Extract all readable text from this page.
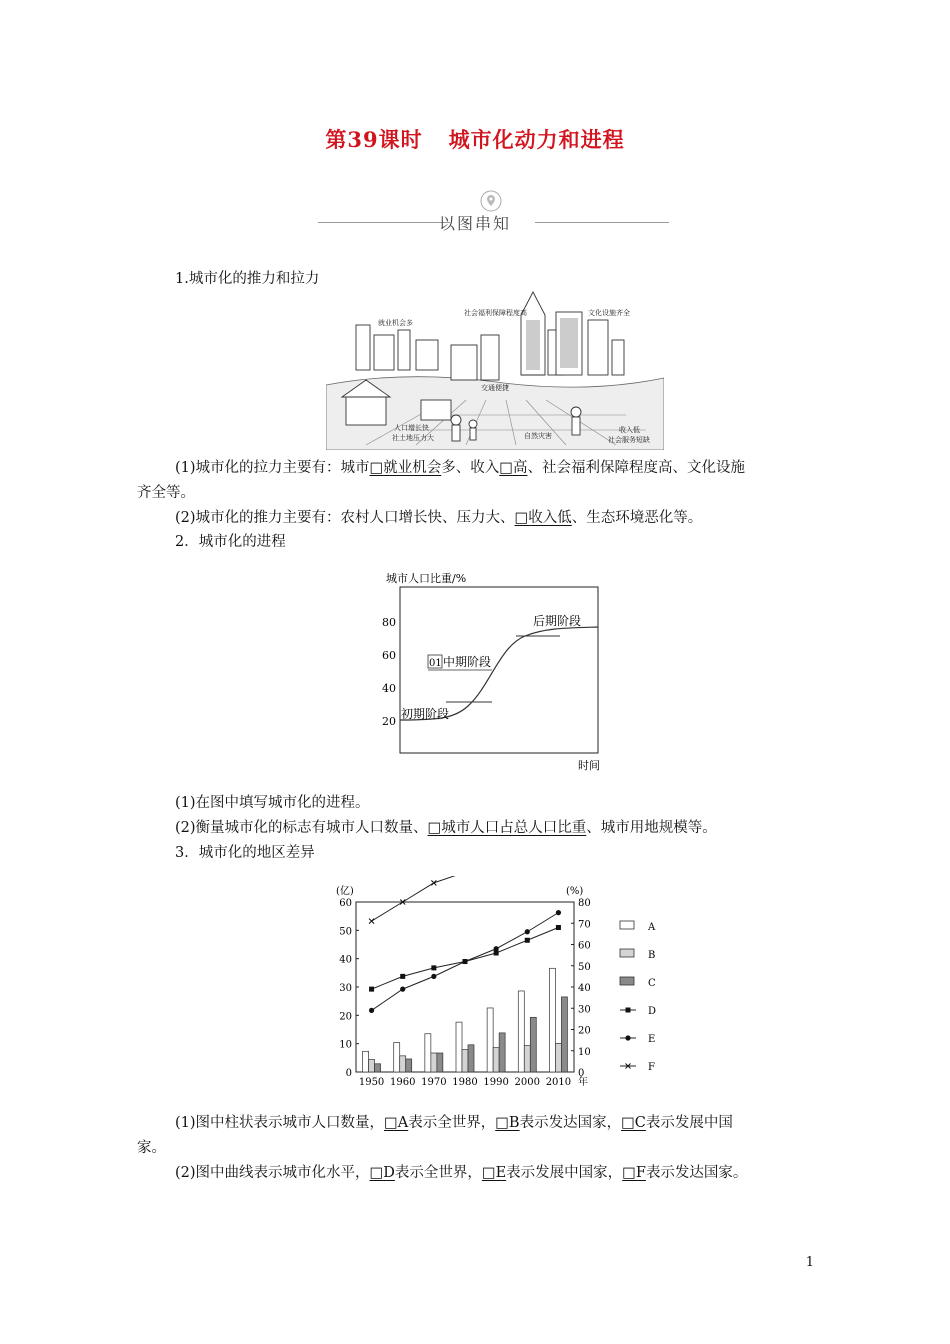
第39课时 城市化动力和进程
以图串知
1.城市化的推力和拉力
就业机会多
社会福利保障程度高	文化设施齐全
交通便捷
人口增长快
社土地压力大	自然灾害
收入低
社会服务短缺
(1)城市化的拉力主要有：城市□就业机会多、收入□高、社会福利保障程度高、文化设施
齐全等。
(2)城市化的推力主要有：农村人口增长快、压力大、□收入低、生态环境恶化等。
2．城市化的进程
城市人口比重/%
80
60
40
20
后期阶段
01 中期阶段
初期阶段
时间
(1)在图中填写城市化的进程。
(2)衡量城市化的标志有城市人口数量、□城市人口占总人口比重、城市用地规模等。
3．城市化的地区差异
(亿)	(%)
0
10
20
30
40
50
60
0
10
20
30
40
50
60
70
80
1950 1960 1970 1980 1990 2000 2010 年
A
B
C
D
E
F
(1)图中柱状表示城市人口数量，□A表示全世界，□B表示发达国家，□C表示发展中国
家。
(2)图中曲线表示城市化水平，□D表示全世界，□E表示发展中国家，□F表示发达国家。
1
